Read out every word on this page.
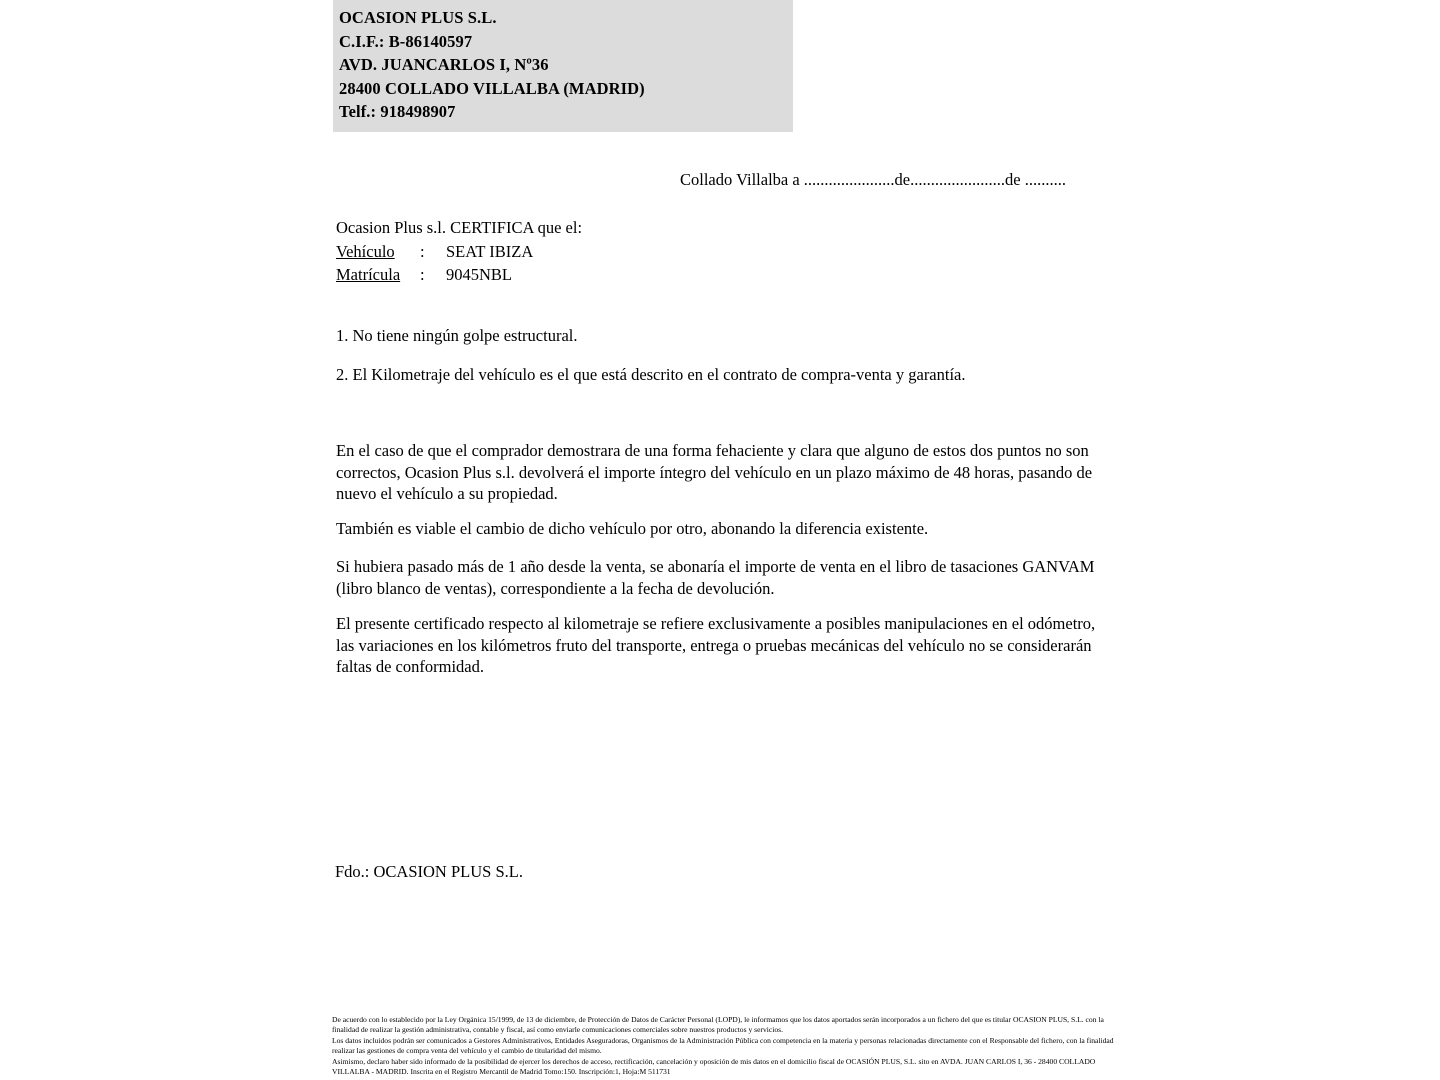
OCASION PLUS S.L.
C.I.F.: B-86140597
AVD. JUANCARLOS I, Nº36
28400 COLLADO VILLALBA (MADRID)
Telf.: 918498907
Collado Villalba a ......................de.......................de ..........
Ocasion Plus s.l. CERTIFICA que el:
Vehículo : SEAT IBIZA
Matrícula : 9045NBL
1. No tiene ningún golpe estructural.
2. El Kilometraje del vehículo es el que está descrito en el contrato de compra-venta y garantía.
En el caso de que el comprador demostrara de una forma fehaciente y clara que alguno de estos dos puntos no son correctos, Ocasion Plus s.l. devolverá el importe íntegro del vehículo en un plazo máximo de 48 horas, pasando de nuevo el vehículo a su propiedad.
También es viable el cambio de dicho vehículo por otro, abonando la diferencia existente.
Si hubiera pasado más de 1 año desde la venta, se abonaría el importe de venta en el libro de tasaciones GANVAM (libro blanco de ventas), correspondiente a la fecha de devolución.
El presente certificado respecto al kilometraje se refiere exclusivamente a posibles manipulaciones en el odómetro, las variaciones en los kilómetros fruto del transporte, entrega o pruebas mecánicas del vehículo no se considerarán faltas de conformidad.
Fdo.: OCASION PLUS S.L.

De acuerdo con lo establecido por la Ley Orgánica 15/1999, de 13 de diciembre, de Protección de Datos de Carácter Personal (LOPD), le informamos que los datos aportados serán incorporados a un fichero del que es titular OCASION PLUS, S.L. con la finalidad de realizar la gestión administrativa, contable y fiscal, así como enviarle comunicaciones comerciales sobre nuestros productos y servicios.

Los datos incluidos podrán ser comunicados a Gestores Administrativos, Entidades Aseguradoras, Organismos de la Administración Pública con competencia en la materia y personas relacionadas directamente con el Responsable del fichero, con la finalidad realizar las gestiones de compra venta del vehículo y el cambio de titularidad del mismo.

Asimismo, declaro haber sido informado de la posibilidad de ejercer los derechos de acceso, rectificación, cancelación y oposición de mis datos en el domicilio fiscal de OCASIÓN PLUS, S.L. sito en AVDA. JUAN CARLOS I, 36 - 28400 COLLADO VILLALBA - MADRID. Inscrita en el Registro Mercantil de Madrid Tomo:150. Inscripción:1, Hoja:M 511731
